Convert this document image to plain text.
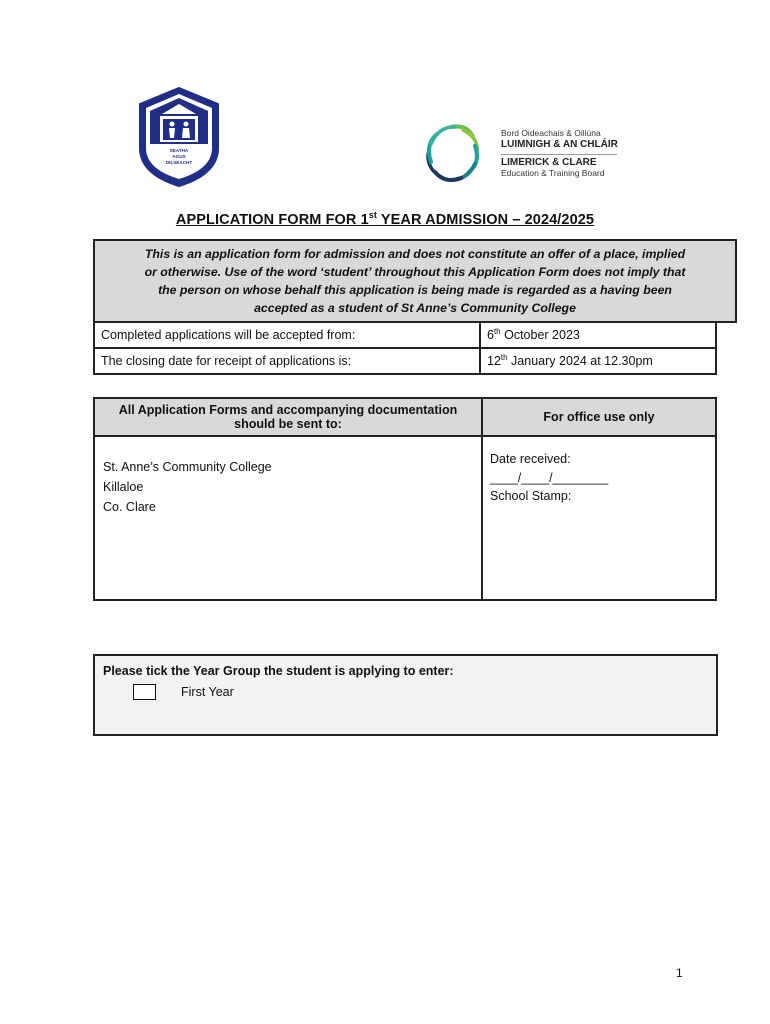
SEATHA
AGUS
DILSEACHT
Bord Oideachais & Oiliúna
LUIMNIGH & AN CHLÁIR
LIMERICK & CLARE
Education & Training Board
APPLICATION FORM FOR 1st YEAR ADMISSION – 2024/2025
This is an application form for admission and does not constitute an offer of a place, implied
or otherwise. Use of the word ‘student’ throughout this Application Form does not imply that
the person on whose behalf this application is being made is regarded as a having been
accepted as a student of St Anne’s Community College
Completed applications will be accepted from:	6th October 2023
The closing date for receipt of applications is:	12th January 2024 at 12.30pm
All Application Forms and accompanying documentation should be sent to:	For office use only

St. Anne’s Community College
Killaloe
Co. Clare	Date received:
____/____/________
School Stamp:
Please tick the Year Group the student is applying to enter:
First Year
1
